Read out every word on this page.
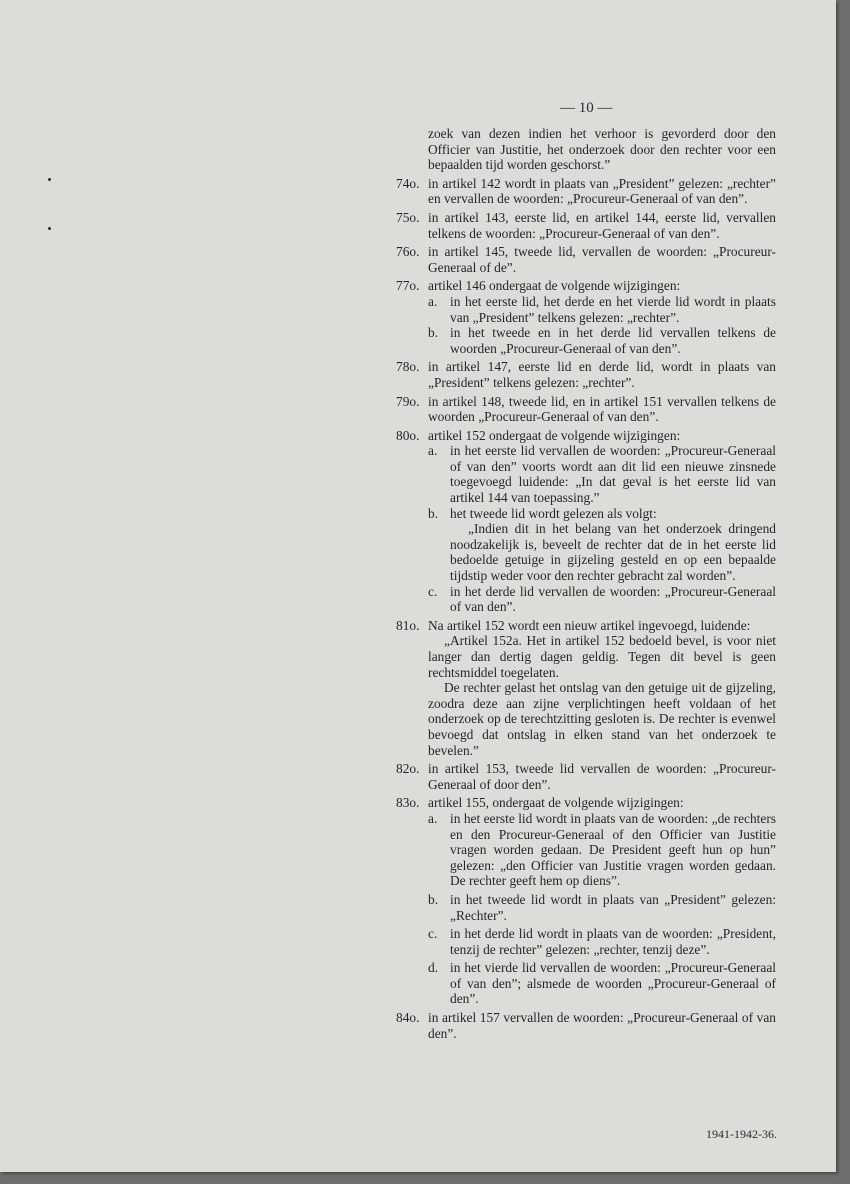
— 10 —
zoek van dezen indien het verhoor is gevorderd door den Officier van Justitie, het onderzoek door den rechter voor een bepaalden tijd worden geschorst.”
74o. in artikel 142 wordt in plaats van „President” gelezen: „rechter” en vervallen de woorden: „Procureur-Generaal of van den”.
75o. in artikel 143, eerste lid, en artikel 144, eerste lid, vervallen telkens de woorden: „Procureur-Generaal of van den”.
76o. in artikel 145, tweede lid, vervallen de woorden: „Procureur-Generaal of de”.
77o. artikel 146 ondergaat de volgende wijzigingen:
a. in het eerste lid, het derde en het vierde lid wordt in plaats van „President” telkens gelezen: „rechter”.
b. in het tweede en in het derde lid vervallen telkens de woorden „Procureur-Generaal of van den”.
78o. in artikel 147, eerste lid en derde lid, wordt in plaats van „President” telkens gelezen: „rechter”.
79o. in artikel 148, tweede lid, en in artikel 151 vervallen telkens de woorden „Procureur-Generaal of van den”.
80o. artikel 152 ondergaat de volgende wijzigingen:
a. in het eerste lid vervallen de woorden: „Procureur-Generaal of van den” voorts wordt aan dit lid een nieuwe zinsnede toegevoegd luidende: „In dat geval is het eerste lid van artikel 144 van toepassing.”
b. het tweede lid wordt gelezen als volgt:
„Indien dit in het belang van het onderzoek dringend noodzakelijk is, beveelt de rechter dat de in het eerste lid bedoelde getuige in gijzeling gesteld en op een bepaalde tijdstip weder voor den rechter gebracht zal worden”.
c. in het derde lid vervallen de woorden: „Procureur-Generaal of van den”.
81o. Na artikel 152 wordt een nieuw artikel ingevoegd, luidende:
„Artikel 152a. Het in artikel 152 bedoeld bevel, is voor niet langer dan dertig dagen geldig. Tegen dit bevel is geen rechtsmiddel toegelaten.
De rechter gelast het ontslag van den getuige uit de gijzeling, zoodra deze aan zijne verplichtingen heeft voldaan of het onderzoek op de terechtzitting gesloten is. De rechter is evenwel bevoegd dat ontslag in elken stand van het onderzoek te bevelen.”
82o. in artikel 153, tweede lid vervallen de woorden: „Procureur-Generaal of door den”.
83o. artikel 155, ondergaat de volgende wijzigingen:
a. in het eerste lid wordt in plaats van de woorden: „de rechters en den Procureur-Generaal of den Officier van Justitie vragen worden gedaan. De President geeft hun op hun” gelezen: „den Officier van Justitie vragen worden gedaan. De rechter geeft hem op diens”.
b. in het tweede lid wordt in plaats van „President” gelezen: „Rechter”.
c. in het derde lid wordt in plaats van de woorden: „President, tenzij de rechter” gelezen: „rechter, tenzij deze”.
d. in het vierde lid vervallen de woorden: „Procureur-Generaal of van den”; alsmede de woorden „Procureur-Generaal of den”.
84o. in artikel 157 vervallen de woorden: „Procureur-Generaal of van den”.
1941-1942-36.
